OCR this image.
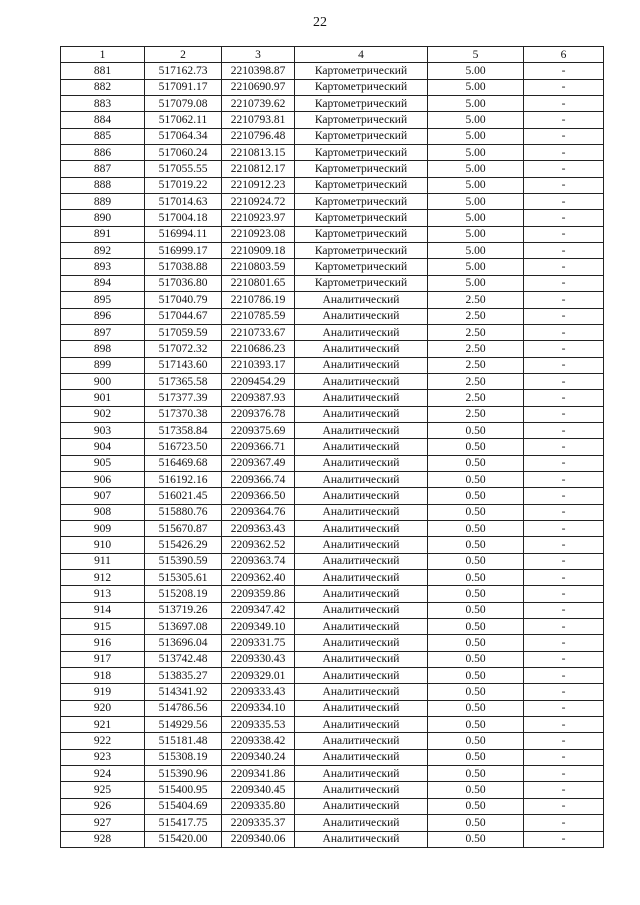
22
1	2	3	4	5	6
881	517162.73	2210398.87	Картометрический	5.00	-
882	517091.17	2210690.97	Картометрический	5.00	-
883	517079.08	2210739.62	Картометрический	5.00	-
884	517062.11	2210793.81	Картометрический	5.00	-
885	517064.34	2210796.48	Картометрический	5.00	-
886	517060.24	2210813.15	Картометрический	5.00	-
887	517055.55	2210812.17	Картометрический	5.00	-
888	517019.22	2210912.23	Картометрический	5.00	-
889	517014.63	2210924.72	Картометрический	5.00	-
890	517004.18	2210923.97	Картометрический	5.00	-
891	516994.11	2210923.08	Картометрический	5.00	-
892	516999.17	2210909.18	Картометрический	5.00	-
893	517038.88	2210803.59	Картометрический	5.00	-
894	517036.80	2210801.65	Картометрический	5.00	-
895	517040.79	2210786.19	Аналитический	2.50	-
896	517044.67	2210785.59	Аналитический	2.50	-
897	517059.59	2210733.67	Аналитический	2.50	-
898	517072.32	2210686.23	Аналитический	2.50	-
899	517143.60	2210393.17	Аналитический	2.50	-
900	517365.58	2209454.29	Аналитический	2.50	-
901	517377.39	2209387.93	Аналитический	2.50	-
902	517370.38	2209376.78	Аналитический	2.50	-
903	517358.84	2209375.69	Аналитический	0.50	-
904	516723.50	2209366.71	Аналитический	0.50	-
905	516469.68	2209367.49	Аналитический	0.50	-
906	516192.16	2209366.74	Аналитический	0.50	-
907	516021.45	2209366.50	Аналитический	0.50	-
908	515880.76	2209364.76	Аналитический	0.50	-
909	515670.87	2209363.43	Аналитический	0.50	-
910	515426.29	2209362.52	Аналитический	0.50	-
911	515390.59	2209363.74	Аналитический	0.50	-
912	515305.61	2209362.40	Аналитический	0.50	-
913	515208.19	2209359.86	Аналитический	0.50	-
914	513719.26	2209347.42	Аналитический	0.50	-
915	513697.08	2209349.10	Аналитический	0.50	-
916	513696.04	2209331.75	Аналитический	0.50	-
917	513742.48	2209330.43	Аналитический	0.50	-
918	513835.27	2209329.01	Аналитический	0.50	-
919	514341.92	2209333.43	Аналитический	0.50	-
920	514786.56	2209334.10	Аналитический	0.50	-
921	514929.56	2209335.53	Аналитический	0.50	-
922	515181.48	2209338.42	Аналитический	0.50	-
923	515308.19	2209340.24	Аналитический	0.50	-
924	515390.96	2209341.86	Аналитический	0.50	-
925	515400.95	2209340.45	Аналитический	0.50	-
926	515404.69	2209335.80	Аналитический	0.50	-
927	515417.75	2209335.37	Аналитический	0.50	-
928	515420.00	2209340.06	Аналитический	0.50	-
